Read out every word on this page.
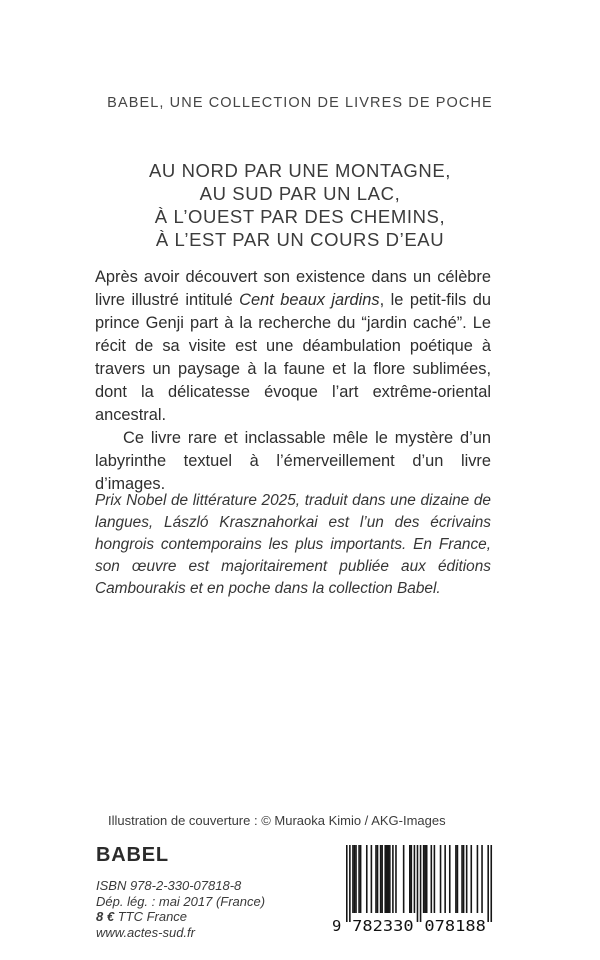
BABEL, UNE COLLECTION DE LIVRES DE POCHE
AU NORD PAR UNE MONTAGNE,
AU SUD PAR UN LAC,
À L’OUEST PAR DES CHEMINS,
À L’EST PAR UN COURS D’EAU

Après avoir découvert son existence dans un célèbre livre illustré intitulé Cent beaux jardins, le petit-fils du prince Genji part à la recherche du “jardin caché”. Le récit de sa visite est une déambulation poétique à travers un paysage à la faune et la flore sublimées, dont la délicatesse évoque l’art extrême-oriental ancestral.

Ce livre rare et inclassable mêle le mystère d’un labyrinthe textuel à l’émerveillement d’un livre d’images.

Prix Nobel de littérature 2025, traduit dans une dizaine de langues, László Krasznahorkai est l’un des écrivains hongrois contemporains les plus importants. En France, son œuvre est majoritairement publiée aux éditions Cambourakis et en poche dans la collection Babel.
Illustration de couverture : © Muraoka Kimio / AKG-Images

BABEL

ISBN 978-2-330-07818-8

Dép. lég. : mai 2017 (France)

8 € TTC France

www.actes-sud.fr	9 782330 078188
